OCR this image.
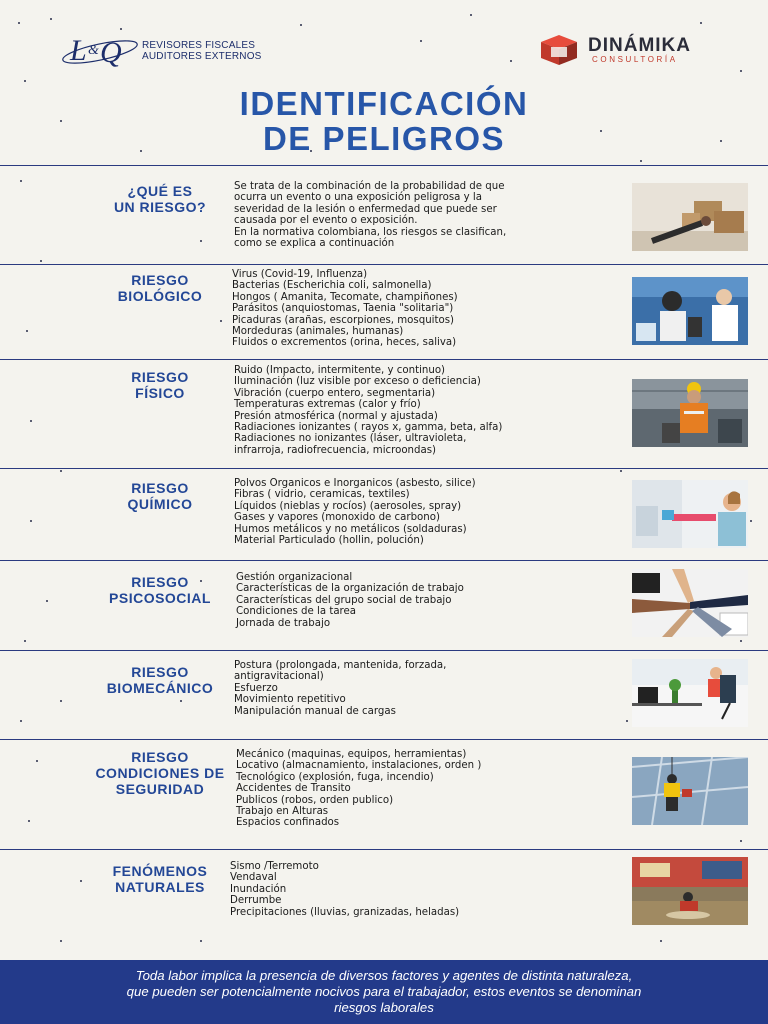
L & Q REVISORES FISCALES
AUDITORES EXTERNOS
DINÁMIKA
CONSULTORÍA
IDENTIFICACIÓN
DE PELIGROS
¿QUÉ ES
UN RIESGO?
Se trata de la combinación de la probabilidad de que
ocurra un evento o una exposición peligrosa y la
severidad de la lesión o enfermedad que puede ser
causada por el evento o exposición.
En la normativa colombiana, los riesgos se clasifican,
como se explica a continuación
RIESGO
BIOLÓGICO
Virus (Covid-19, Influenza)
Bacterias (Escherichia coli, salmonella)
Hongos ( Amanita, Tecomate, champiñones)
Parásitos (anquiostomas, Taenia "solitaria")
Picaduras (arañas, escorpiones, mosquitos)
Mordeduras (animales, humanas)
Fluidos o excrementos (orina, heces, saliva)
RIESGO
FÍSICO
Ruido (Impacto, intermitente, y continuo)
Iluminación (luz visible por exceso o deficiencia)
Vibración (cuerpo entero, segmentaria)
Temperaturas extremas (calor y frío)
Presión atmosférica (normal y ajustada)
Radiaciones ionizantes ( rayos x, gamma, beta, alfa)
Radiaciones no ionizantes (láser, ultravioleta,
infrarroja, radiofrecuencia, microondas)
RIESGO
QUÍMICO
Polvos Organicos e Inorganicos (asbesto, silice)
Fibras ( vidrio, ceramicas, textiles)
Líquidos (nieblas y rocíos) (aerosoles, spray)
Gases y vapores (monoxido de carbono)
Humos metálicos y no metálicos (soldaduras)
Material Particulado (hollin, polución)
RIESGO
PSICOSOCIAL
Gestión organizacional
Características de la organización de trabajo
Características del grupo social de trabajo
Condiciones de la tarea
Jornada de trabajo
RIESGO
BIOMECÁNICO
Postura (prolongada, mantenida, forzada,
antigravitacional)
Esfuerzo
Movimiento repetitivo
Manipulación manual de cargas
RIESGO
CONDICIONES DE
SEGURIDAD
Mecánico (maquinas, equipos, herramientas)
Locativo (almacnamiento, instalaciones, orden )
Tecnológico (explosión, fuga, incendio)
Accidentes de Transito
Publicos (robos, orden publico)
Trabajo en Alturas
Espacios confinados
FENÓMENOS
NATURALES
Sismo /Terremoto
Vendaval
Inundación
Derrumbe
Precipitaciones (lluvias, granizadas, heladas)
Toda labor implica la presencia de diversos factores y agentes de distinta naturaleza,
que pueden ser potencialmente nocivos para el trabajador, estos eventos se denominan
riesgos laborales
